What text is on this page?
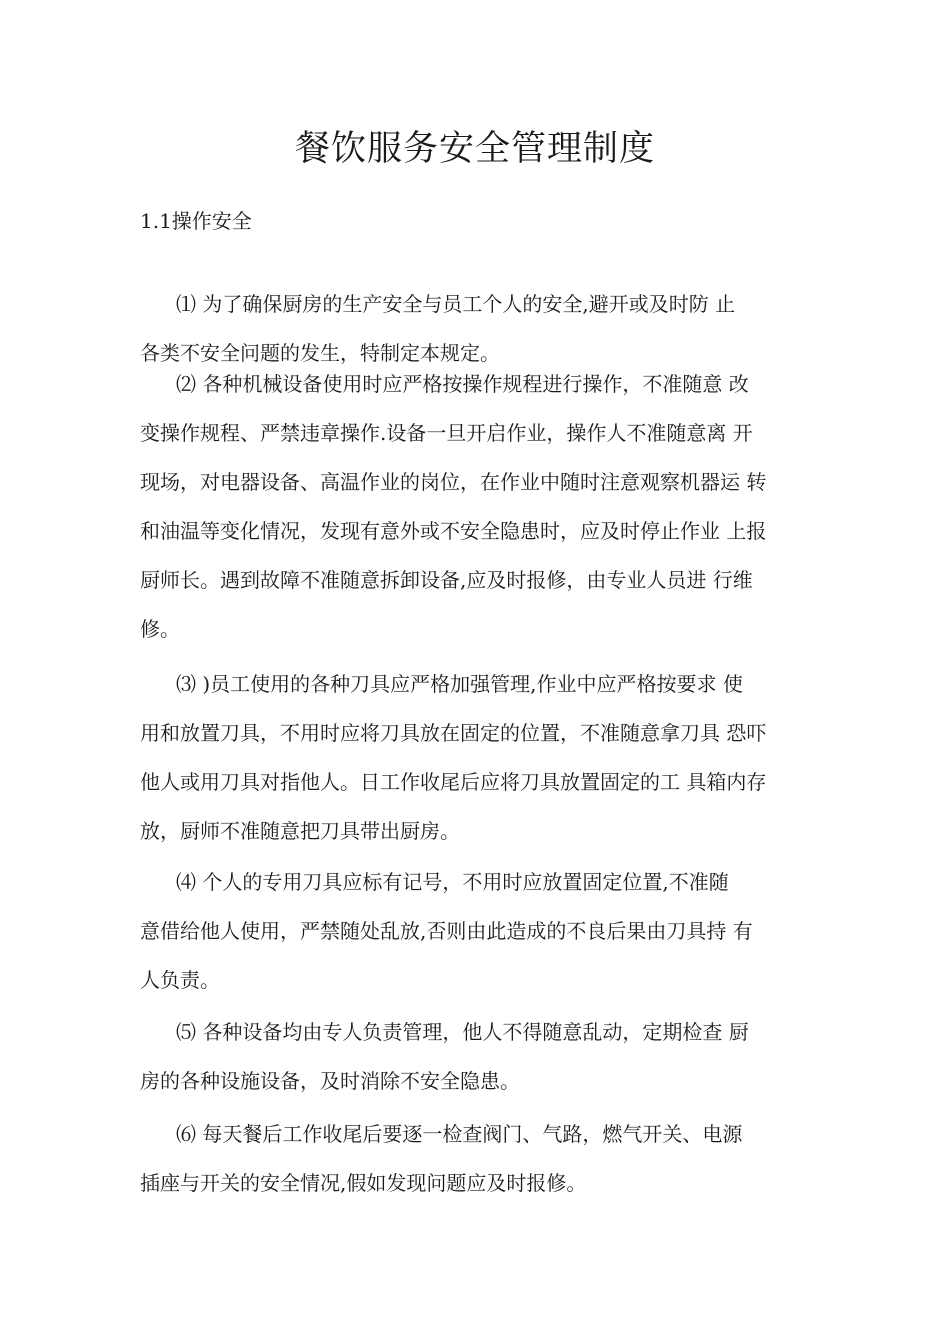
餐饮服务安全管理制度
1.1操作安全

⑴ 为了确保厨房的生产安全与员工个人的安全,避开或及时防 止
各类不安全问题的发生，特制定本规定。

⑵ 各种机械设备使用时应严格按操作规程进行操作，不准随意 改
变操作规程、严禁违章操作.设备一旦开启作业，操作人不准随意离 开
现场，对电器设备、高温作业的岗位，在作业中随时注意观察机器运 转
和油温等变化情况，发现有意外或不安全隐患时，应及时停止作业 上报
厨师长。遇到故障不准随意拆卸设备,应及时报修，由专业人员进 行维
修。

⑶ )员工使用的各种刀具应严格加强管理,作业中应严格按要求 使
用和放置刀具，不用时应将刀具放在固定的位置，不准随意拿刀具 恐吓
他人或用刀具对指他人。日工作收尾后应将刀具放置固定的工 具箱内存
放，厨师不准随意把刀具带出厨房。

⑷ 个人的专用刀具应标有记号，不用时应放置固定位置,不准随
意借给他人使用，严禁随处乱放,否则由此造成的不良后果由刀具持 有
人负责。

⑸ 各种设备均由专人负责管理，他人不得随意乱动，定期检查 厨
房的各种设施设备，及时消除不安全隐患。

⑹ 每天餐后工作收尾后要逐一检查阀门、气路，燃气开关、电源
插座与开关的安全情况,假如发现问题应及时报修。
